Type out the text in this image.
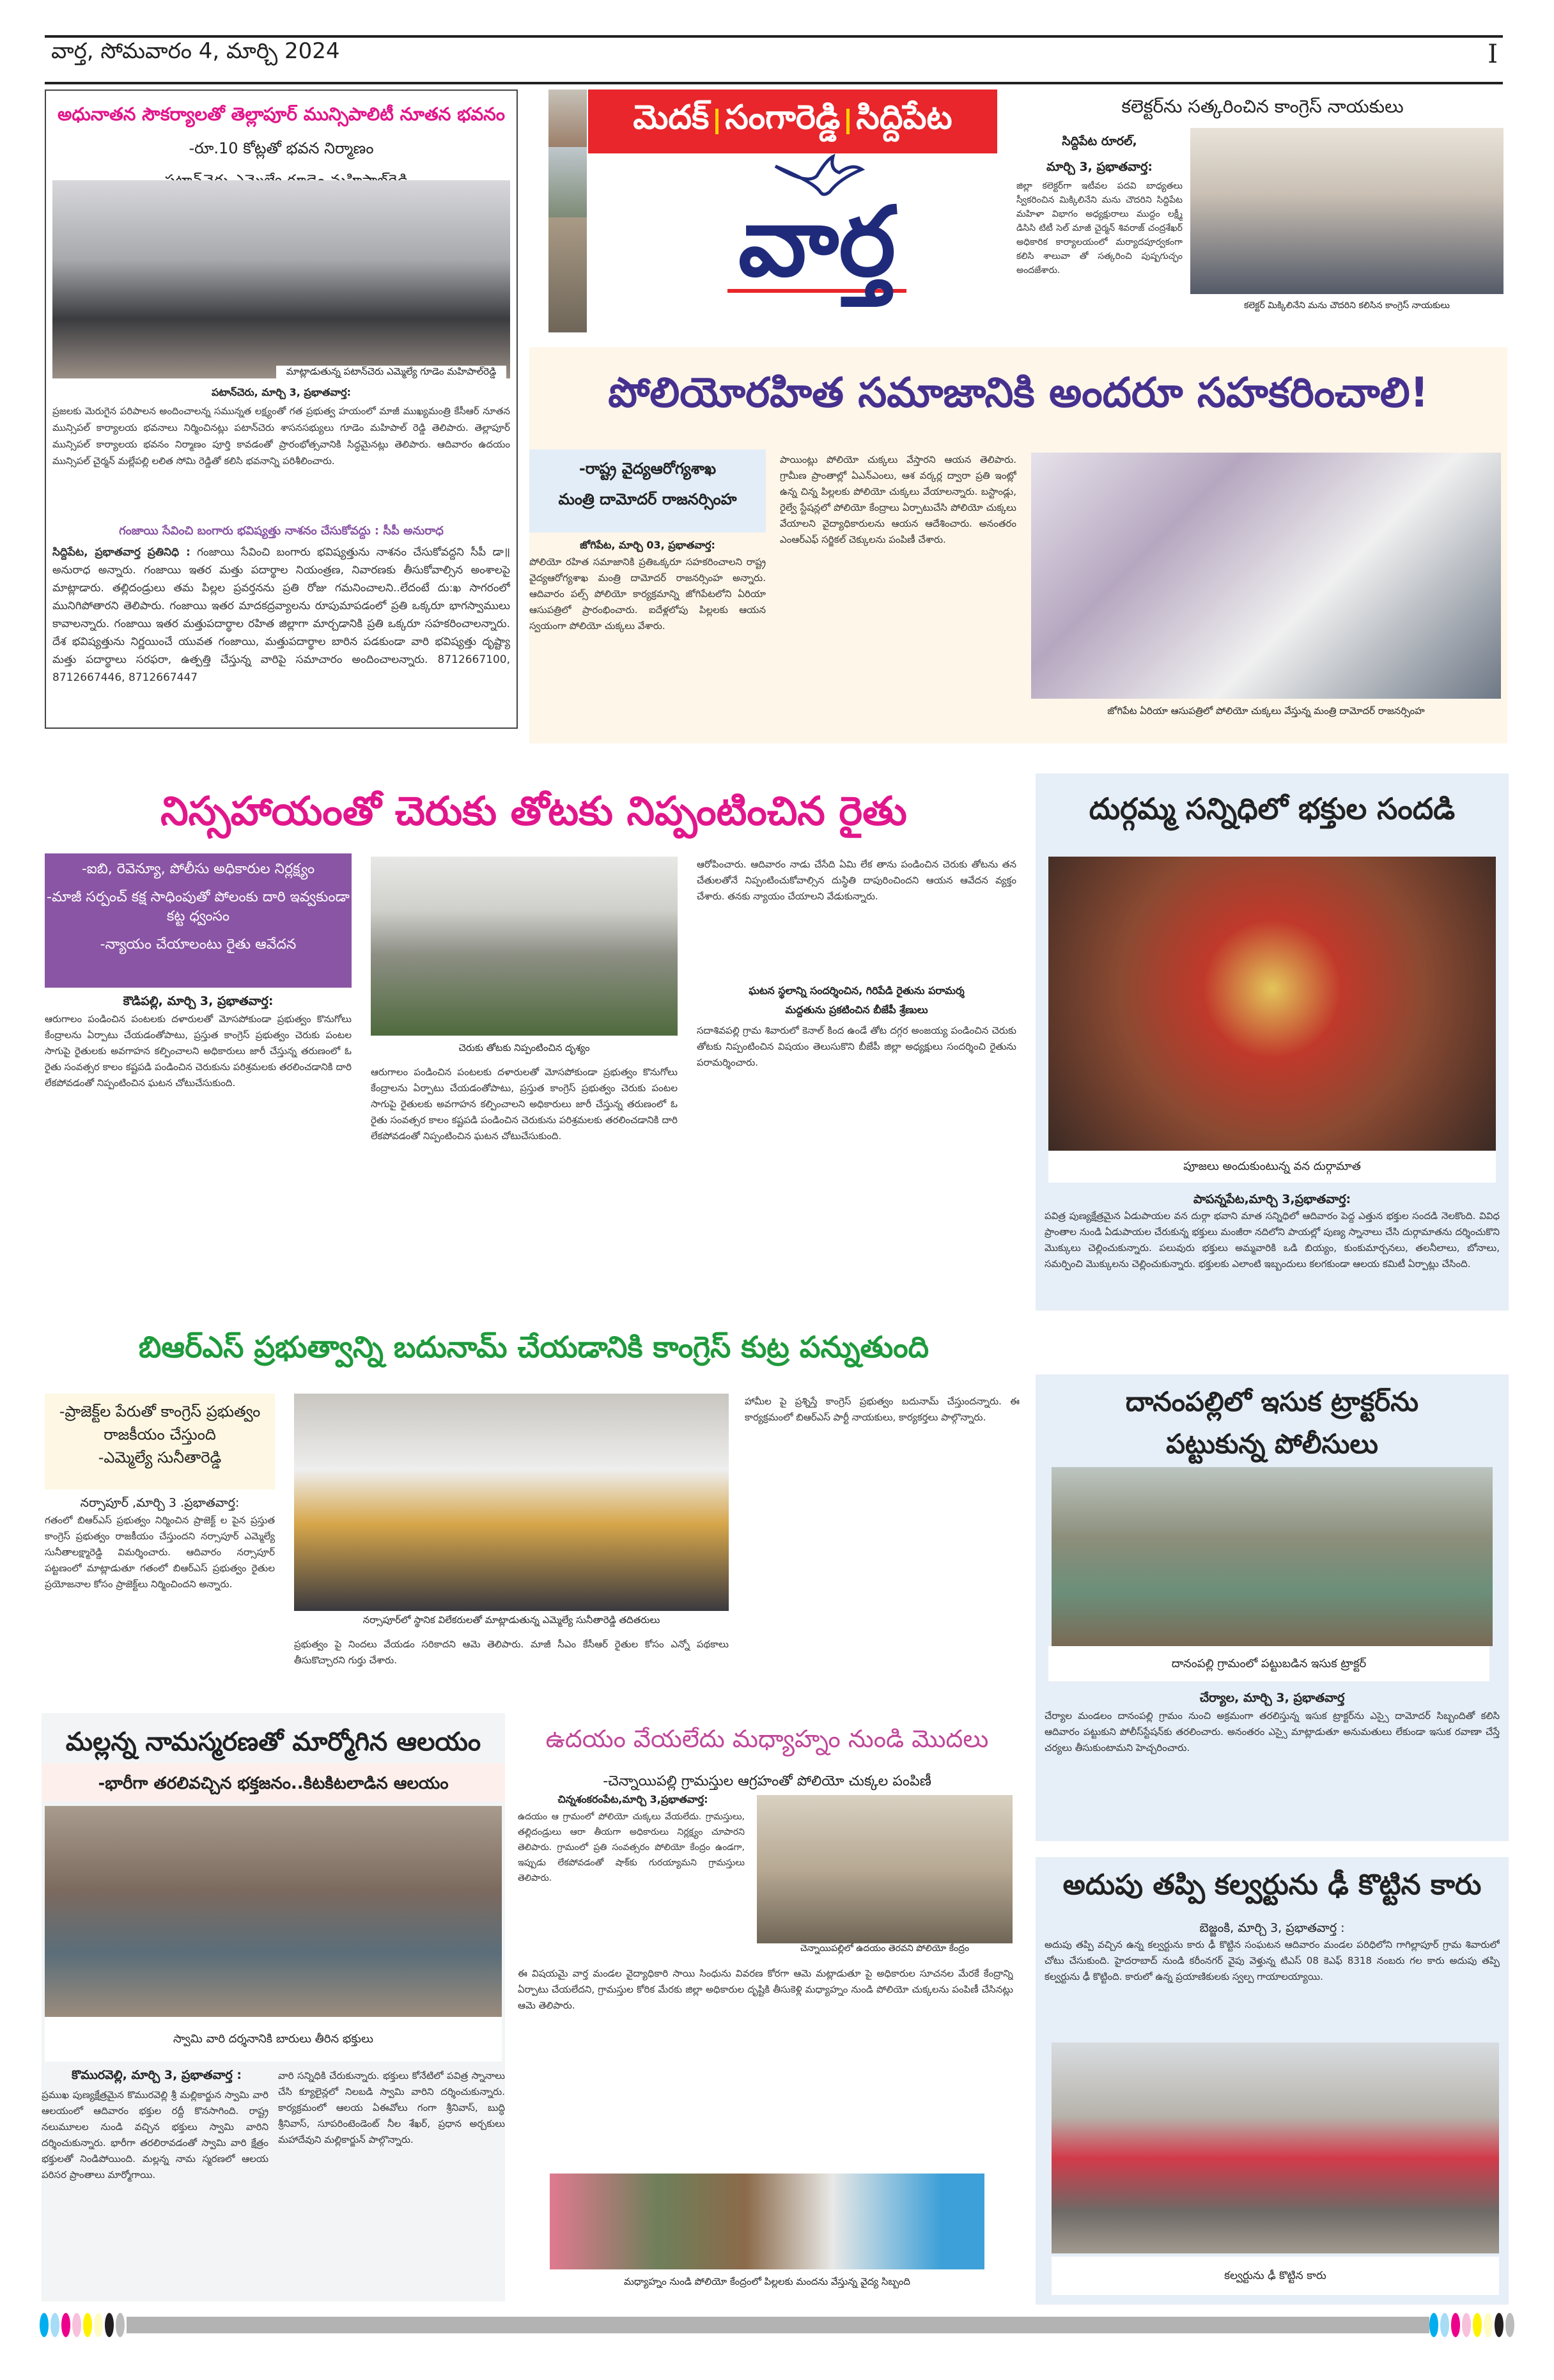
వార్త, సోమవారం 4, మార్చి 2024	I
అధునాతన సౌకర్యాలతో తెల్లాపూర్ మున్సిపాలిటీ నూతన భవనం
-రూ.10 కోట్లతో భవన నిర్మాణం
మాట్లాడుతున్న పటాన్‌చెరు ఎమ్మెల్యే గూడెం మహిపాల్‌రెడ్డి
పటాన్‌చెరు, మార్చి 3, ప్రభాతవార్త:
ప్రజలకు మెరుగైన పరిపాలన అందించాలన్న సమున్నత లక్ష్యంతో గత ప్రభుత్వ హయంలో మాజీ ముఖ్యమంత్రి కేసీఆర్ నూతన మున్సిపల్ కార్యాలయ భవనాలు నిర్మించినట్లు పటాన్‌చెరు శాసనసభ్యులు గూడెం మహిపాల్ రెడ్డి తెలిపారు. తెల్లాపూర్ మున్సిపల్ కార్యాలయ భవనం నిర్మాణం పూర్తి కావడంతో ప్రారంభోత్సవానికి సిద్ధమైనట్లు తెలిపారు. ఆదివారం ఉదయం మున్సిపల్ చైర్మన్ మల్లేపల్లి లలిత సోమి రెడ్డితో కలిసి భవనాన్ని పరిశీలించారు.
గంజాయి సేవించి బంగారు భవిష్యత్తు నాశనం చేసుకోవద్దు : సీపీ అనురాధ
సిద్దిపేట, ప్రభాతవార్త ప్రతినిధి : గంజాయి సేవించి బంగారు భవిష్యత్తును నాశనం చేసుకోవద్దని సీపీ డా॥అనురాధ అన్నారు. గంజాయి ఇతర మత్తు పదార్థాల నియంత్రణ, నివారణకు తీసుకోవాల్సిన అంశాలపై మాట్లాడారు. తల్లిదండ్రులు తమ పిల్లల ప్రవర్తనను ప్రతి రోజు గమనించాలని..లేదంటే దు:ఖ సాగరంలో మునిగిపోతారని తెలిపారు. గంజాయి ఇతర మాదకద్రవ్యాలను రూపుమాపడంలో ప్రతి ఒక్కరూ భాగస్వాములు కావాలన్నారు. గంజాయి ఇతర మత్తుపదార్థాల రహిత జిల్లాగా మార్చడానికి ప్రతి ఒక్కరూ సహకరించాలన్నారు. దేశ భవిష్యత్తును నిర్ణయించే యువత గంజాయి, మత్తుపదార్థాల బారిన పడకుండా వారి భవిష్యత్తు దృష్ట్యా మత్తు పదార్థాలు సరఫరా, ఉత్పత్తి చేస్తున్న వారిపై సమాచారం అందించాలన్నారు. 8712667100, 8712667446, 8712667447
మెదక్ సంగారెడ్డి సిద్దిపేట
వార్త
కలెక్టర్‌ను సత్కరించిన కాంగ్రెస్ నాయకులు
సిద్దిపేట రూరల్,
మార్చి 3, ప్రభాతవార్త:
జిల్లా కలెక్టర్‌గా ఇటీవల పదవి బాధ్యతలు స్వీకరించిన మిక్కిలినేని మను చౌదరిని సిద్దిపేట మహిళా విభాగం అధ్యక్షురాలు ముద్దం లక్ష్మీ డిసిసి టిటీ సెల్ మాజీ చైర్మన్ శివరాజ్ చంద్రశేఖర్ అధికారిక కార్యాలయంలో మర్యాదపూర్వకంగా కలిసి శాలువా తో సత్కరించి పుష్పగుచ్ఛం అందజేశారు.
కలెక్టర్ మిక్కిలినేని మను చౌదరిని కలిసిన కాంగ్రెస్ నాయకులు
పోలియోరహిత సమాజానికి అందరూ సహకరించాలి!
-రాష్ట్ర వైద్యఆరోగ్యశాఖ
మంత్రి దామోదర్ రాజనర్సింహ
జోగిపేట, మార్చి 03, ప్రభాతవార్త:
పోలియో రహిత సమాజానికి ప్రతిఒక్కరూ సహకరించాలని రాష్ట్ర వైద్యఆరోగ్యశాఖ మంత్రి దామోదర్ రాజనర్సింహ అన్నారు. ఆదివారం పల్స్ పోలియో కార్యక్రమాన్ని జోగిపేటలోని ఏరియా ఆసుపత్రిలో ప్రారంభించారు. ఐదేళ్లలోపు పిల్లలకు ఆయన స్వయంగా పోలియో చుక్కలు వేశారు.
పాయింట్లు పోలియో చుక్కలు వేస్తారని ఆయన తెలిపారు. గ్రామీణ ప్రాంతాల్లో ఏఎన్ఎంలు, ఆశ వర్కర్ల ద్వారా ప్రతి ఇంట్లో ఉన్న చిన్న పిల్లలకు పోలియో చుక్కలు వేయాలన్నారు. బస్టాండ్లు, రైల్వే స్టేషన్లలో పోలియో కేంద్రాలు ఏర్పాటుచేసి పోలియో చుక్కలు వేయాలని వైద్యాధికారులను ఆయన ఆదేశించారు. అనంతరం ఎంఆర్ఎఫ్ సర్జికల్ చెక్కులను పంపిణీ చేశారు.
జోగిపేట ఏరియా ఆసుపత్రిలో పోలియో చుక్కలు వేస్తున్న మంత్రి దామోదర్ రాజనర్సింహ
నిస్సహాయంతో చెరుకు తోటకు నిప్పంటించిన రైతు
-ఐబి, రెవెన్యూ, పోలీసు అధికారుల నిర్లక్ష్యం
-మాజీ సర్పంచ్ కక్ష సాధింపుతో పోలంకు దారి ఇవ్వకుండా కట్ట ధ్వంసం
-న్యాయం చేయాలంటు రైతు ఆవేదన
కౌడిపల్లి, మార్చి 3, ప్రభాతవార్త:
ఆరుగాలం పండించిన పంటలకు దళారులతో మోసపోకుండా ప్రభుత్వం కొనుగోలు కేంద్రాలను ఏర్పాటు చేయడంతోపాటు, ప్రస్తుత కాంగ్రెస్ ప్రభుత్వం చెరుకు పంటల సాగుపై రైతులకు అవగాహన కల్పించాలని అధికారులు జారీ చేస్తున్న తరుణంలో ఓ రైతు సంవత్సర కాలం కష్టపడి పండించిన చెరుకును పరిశ్రమలకు తరలించడానికి దారి లేకపోవడంతో నిప్పంటించిన ఘటన చోటుచేసుకుంది.
చెరుకు తోటకు నిప్పంటించిన దృశ్యం
ఆరుగాలం పండించిన పంటలకు దళారులతో మోసపోకుండా ప్రభుత్వం కొనుగోలు కేంద్రాలను ఏర్పాటు చేయడంతోపాటు, ప్రస్తుత కాంగ్రెస్ ప్రభుత్వం చెరుకు పంటల సాగుపై రైతులకు అవగాహన కల్పించాలని అధికారులు జారీ చేస్తున్న తరుణంలో ఓ రైతు సంవత్సర కాలం కష్టపడి పండించిన చెరుకును పరిశ్రమలకు తరలించడానికి దారి లేకపోవడంతో నిప్పంటించిన ఘటన చోటుచేసుకుంది.
ఆరోపించారు. ఆదివారం నాడు చేసేది ఏమి లేక తాను పండించిన చెరుకు తోటను తన చేతులతోనే నిప్పంటించుకోవాల్సిన దుస్థితి దాపురించిందని ఆయన ఆవేదన వ్యక్తం చేశారు. తనకు న్యాయం చేయాలని వేడుకున్నారు.
ఘటన స్థలాన్ని సందర్శించిన, గిరిపేడి రైతును పరామర్శ
మద్దతును ప్రకటించిన బీజేపీ శ్రేణులు
సదాశివపల్లి గ్రామ శివారులో కెనాల్ కింద ఉండే తోట దగ్గర అంజయ్య పండించిన చెరుకు తోటకు నిప్పంటించిన విషయం తెలుసుకొని బీజేపీ జిల్లా అధ్యక్షులు సందర్శించి రైతును పరామర్శించారు.
దుర్గమ్మ సన్నిధిలో భక్తుల సందడి
పూజలు అందుకుంటున్న వన దుర్గామాత
పాపన్నపేట,మార్చి 3,ప్రభాతవార్త:
పవిత్ర పుణ్యక్షేత్రమైన ఏడుపాయల వన దుర్గా భవాని మాత సన్నిధిలో ఆదివారం పెద్ద ఎత్తున భక్తుల సందడి నెలకొంది. వివిధ ప్రాంతాల నుండి ఏడుపాయల చేరుకున్న భక్తులు మంజీరా నదిలోని పాయల్లో పుణ్య స్నానాలు చేసి దుర్గామాతను దర్శించుకొని మొక్కులు చెల్లించుకున్నారు. పలువురు భక్తులు అమ్మవారికి ఒడి బియ్యం, కుంకుమార్చనలు, తలనీలాలు, బోనాలు, సమర్పించి మొక్కులను చెల్లించుకున్నారు. భక్తులకు ఎలాంటి ఇబ్బందులు కలగకుండా ఆలయ కమిటీ ఏర్పాట్లు చేసింది.
బిఆర్ఎస్ ప్రభుత్వాన్ని బదునామ్ చేయడానికి కాంగ్రెస్ కుట్ర పన్నుతుంది
-ప్రాజెక్ట్‌ల పేరుతో కాంగ్రెస్ ప్రభుత్వం రాజకీయం చేస్తుంది
-ఎమ్మెల్యే సునీతారెడ్డి
నర్సాపూర్ ,మార్చి 3 .ప్రభాతవార్త:
గతంలో బిఆర్ఎస్ ప్రభుత్వం నిర్మించిన ప్రాజెక్ట్ ల పైన ప్రస్తుత కాంగ్రెస్ ప్రభుత్వం రాజకీయం చేస్తుందని నర్సాపూర్ ఎమ్మెల్యే సునీతాలక్ష్మారెడ్డి విమర్శించారు. ఆదివారం నర్సాపూర్ పట్టణంలో మాట్లాడుతూ గతంలో బిఆర్ఎస్ ప్రభుత్వం రైతుల ప్రయోజనాల కోసం ప్రాజెక్ట్‌లు నిర్మించిందని అన్నారు.
నర్సాపూర్‌లో స్థానిక విలేకరులతో మాట్లాడుతున్న ఎమ్మెల్యే సునీతారెడ్డి తదితరులు
ప్రభుత్వం పై నిందలు వేయడం సరికాదని ఆమె తెలిపారు. మాజీ సీఎం కేసీఆర్ రైతుల కోసం ఎన్నో పథకాలు తీసుకొచ్చారని గుర్తు చేశారు.
హామీల పై ప్రశ్నిస్తే కాంగ్రెస్ ప్రభుత్వం బదునామ్ చేస్తుందన్నారు. ఈ కార్యక్రమంలో బిఆర్ఎస్ పార్టీ నాయకులు, కార్యకర్తలు పాల్గొన్నారు.	దానంపల్లిలో ఇసుక ట్రాక్టర్‌ను పట్టుకున్న పోలీసులు
దానంపల్లి గ్రామంలో పట్టుబడిన ఇసుక ట్రాక్టర్
చేర్యాల, మార్చి 3, ప్రభాతవార్త
చేర్యాల మండలం దానంపల్లి గ్రామం నుంచి అక్రమంగా తరలిస్తున్న ఇసుక ట్రాక్టర్‌ను ఎస్సై దామోదర్ సిబ్బందితో కలిసి ఆదివారం పట్టుకుని పోలీస్‌స్టేషన్‌కు తరలించారు. అనంతరం ఎస్సై మాట్లాడుతూ అనుమతులు లేకుండా ఇసుక రవాణా చేస్తే చర్యలు తీసుకుంటామని హెచ్చరించారు.
మల్లన్న నామస్మరణతో మార్మోగిన ఆలయం
-భారీగా తరలివచ్చిన భక్తజనం..కిటకిటలాడిన ఆలయం
స్వామి వారి దర్శనానికి బారులు తీరిన భక్తులు
కొమురవెల్లి, మార్చి 3, ప్రభాతవార్త :
ప్రముఖ పుణ్యక్షేత్రమైన కొమురవెల్లి శ్రీ మల్లికార్జున స్వామి వారి ఆలయంలో ఆదివారం భక్తుల రద్దీ కొనసాగింది. రాష్ట్ర నలుమూలల నుండి వచ్చిన భక్తులు స్వామి వారిని దర్శించుకున్నారు. భారీగా తరలిరావడంతో స్వామి వారి క్షేత్రం భక్తులతో నిండిపోయింది. మల్లన్న నామ స్మరణలో ఆలయ పరిసర ప్రాంతాలు మార్మోగాయి.
వారి సన్నిధికి చేరుకున్నారు. భక్తులు కోనేటిలో పవిత్ర స్నానాలు చేసి క్యూలైన్లలో నిలబడి స్వామి వారిని దర్శించుకున్నారు. కార్యక్రమంలో ఆలయ ఏఈవోలు గంగా శ్రీనివాస్, బుద్ధి శ్రీనివాస్, సూపరింటెండెంట్ నీల శేఖర్, ప్రధాన అర్చకులు మహాదేవుని మల్లికార్జున్ పాల్గొన్నారు.
ఉదయం వేయలేదు మధ్యాహ్నం నుండి మొదలు
-చెన్నాయిపల్లి గ్రామస్తుల ఆగ్రహంతో పోలియో చుక్కల పంపిణీ
చిన్నశంకరంపేట,మార్చి 3,ప్రభాతవార్త:
ఉదయం ఆ గ్రామంలో పోలియో చుక్కలు వేయలేదు. గ్రామస్తులు, తల్లిదండ్రులు ఆరా తీయగా అధికారులు నిర్లక్ష్యం చూపారని తెలిపారు. గ్రామంలో ప్రతి సంవత్సరం పోలియో కేంద్రం ఉండగా, ఇప్పుడు లేకపోవడంతో షాక్‌కు గురయ్యామని గ్రామస్తులు తెలిపారు.
చెన్నాయిపల్లిలో ఉదయం తెరవని పోలియో కేంద్రం
ఈ విషయమై వార్త మండల వైద్యాధికారి సాయి సింధును వివరణ కోరగా ఆమె మట్లాడుతూ పై అధికారుల సూచనల మేరకే కేంద్రాన్ని ఏర్పాటు చేయలేదని, గ్రామస్తుల కోరిక మేరకు జిల్లా అధికారుల దృష్టికి తీసుకెళ్లి మధ్యాహ్నం నుండి పోలియో చుక్కలను పంపిణీ చేసినట్లు ఆమె తెలిపారు.
మధ్యాహ్నం నుండి పోలియో కేంద్రంలో పిల్లలకు మందను వేస్తున్న వైద్య సిబ్బంది
అదుపు తప్పి కల్వర్టును ఢీ కొట్టిన కారు
బెజ్జంకి, మార్చి 3, ప్రభాతవార్త :
అదుపు తప్పి వచ్చిన ఉన్న కల్వర్టును కారు ఢీ కొట్టిన సంఘటన ఆదివారం మండల పరిధిలోని గాగిల్లాపూర్ గ్రామ శివారులో చోటు చేసుకుంది. హైదరాబాద్ నుండి కరీంనగర్ వైపు వెళ్తున్న టిఎస్ 08 కెఎఫ్ 8318 నంబరు గల కారు అదుపు తప్పి కల్వర్టును ఢీ కొట్టింది. కారులో ఉన్న ప్రయాణికులకు స్వల్ప గాయాలయ్యాయి.
కల్వర్టును ఢీ కొట్టిన కారు
